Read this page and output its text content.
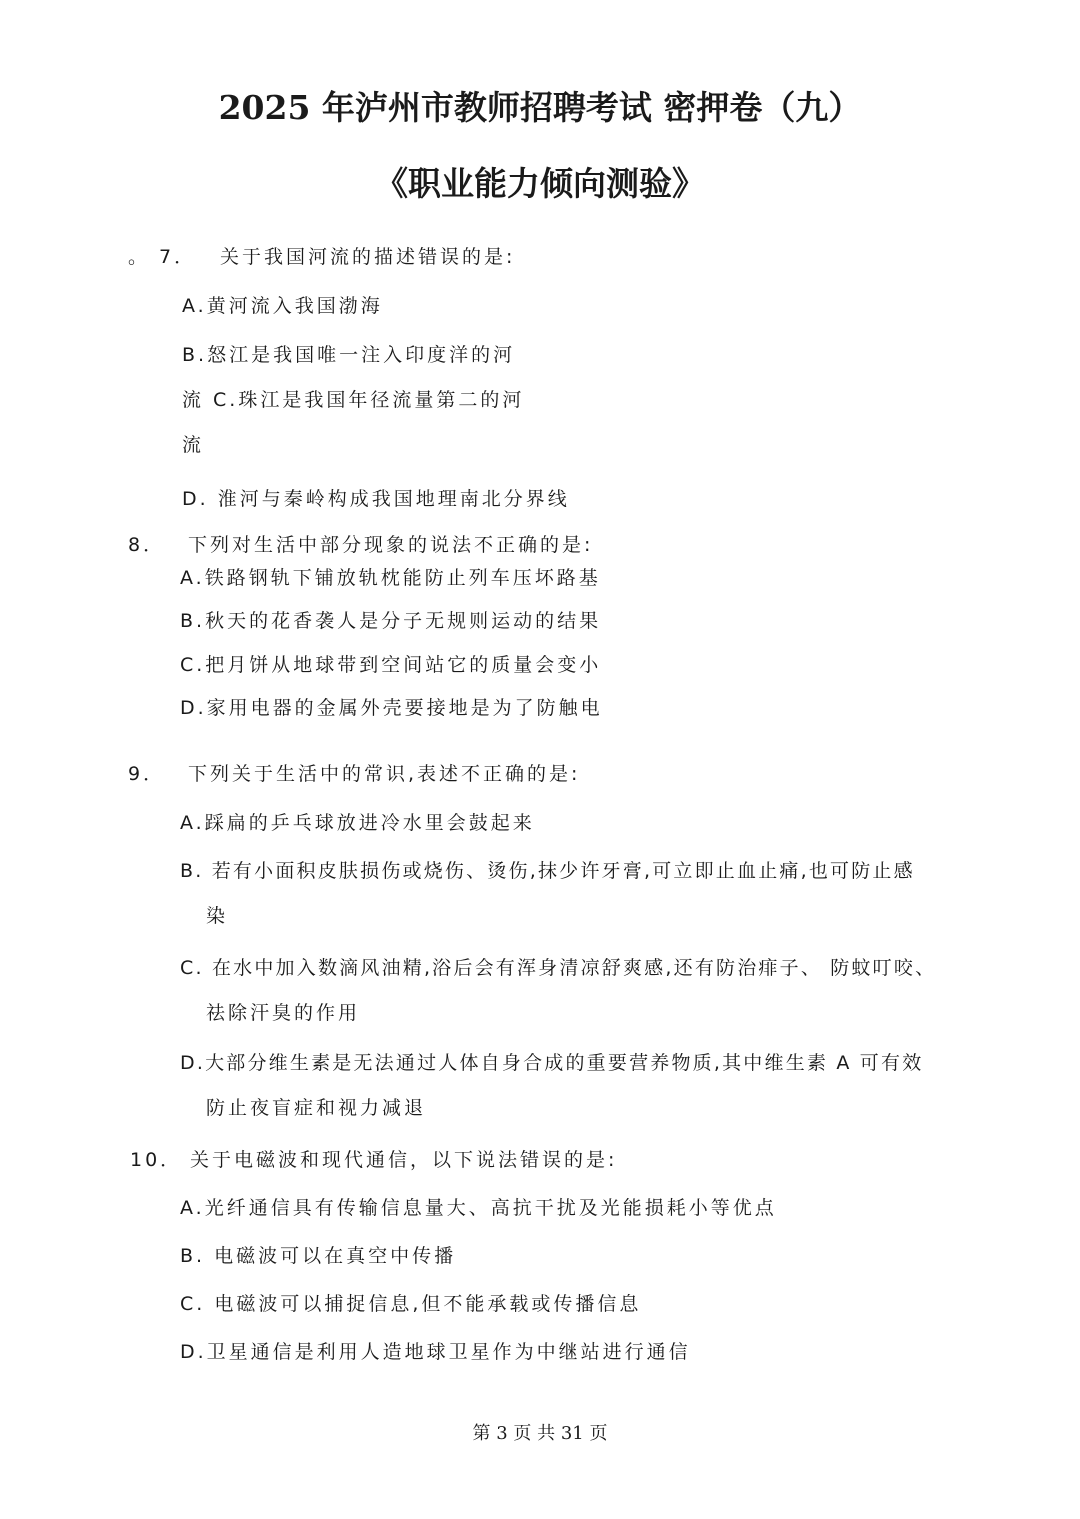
2025 年泸州市教师招聘考试 密押卷（九）
《职业能力倾向测验》
。 7． 关于我国河流的描述错误的是:
A.黄河流入我国渤海
B.怒江是我国唯一注入印度洋的河
流 C.珠江是我国年径流量第二的河
流
D. 淮河与秦岭构成我国地理南北分界线
8． 下列对生活中部分现象的说法不正确的是:
A.铁路钢轨下铺放轨枕能防止列车压坏路基
B.秋天的花香袭人是分子无规则运动的结果
C.把月饼从地球带到空间站它的质量会变小
D.家用电器的金属外壳要接地是为了防触电
9． 下列关于生活中的常识,表述不正确的是:
A.踩扁的乒乓球放进冷水里会鼓起来
B. 若有小面积皮肤损伤或烧伤、烫伤,抹少许牙膏,可立即止血止痛,也可防止感
染
C. 在水中加入数滴风油精,浴后会有浑身清凉舒爽感,还有防治痱子、 防蚊叮咬、
祛除汗臭的作用
D.大部分维生素是无法通过人体自身合成的重要营养物质,其中维生素 A 可有效
防止夜盲症和视力减退
10． 关于电磁波和现代通信，以下说法错误的是:
A.光纤通信具有传输信息量大、高抗干扰及光能损耗小等优点
B. 电磁波可以在真空中传播
C. 电磁波可以捕捉信息,但不能承载或传播信息
D.卫星通信是利用人造地球卫星作为中继站进行通信
第 3 页 共 31 页
